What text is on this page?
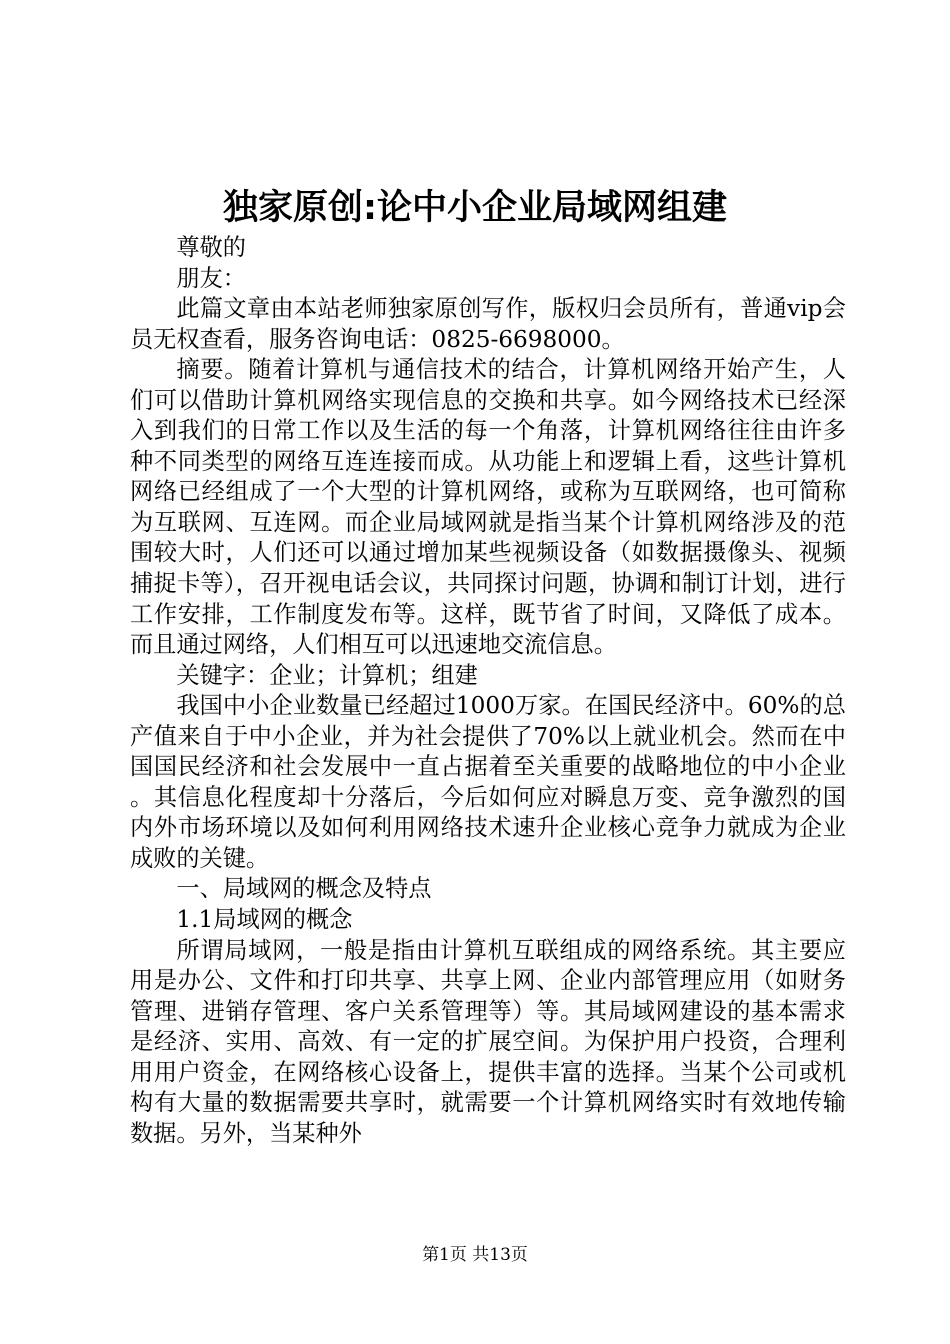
独家原创:论中小企业局域网组建

尊敬的

朋友：

此篇文章由本站老师独家原创写作，版权归会员所有，普通vip会员无权查看，服务咨询电话：0825-6698000。

摘要。随着计算机与通信技术的结合，计算机网络开始产生，人们可以借助计算机网络实现信息的交换和共享。如今网络技术已经深入到我们的日常工作以及生活的每一个角落，计算机网络往往由许多种不同类型的网络互连连接而成。从功能上和逻辑上看，这些计算机网络已经组成了一个大型的计算机网络，或称为互联网络，也可简称为互联网、互连网。而企业局域网就是指当某个计算机网络涉及的范围较大时，人们还可以通过增加某些视频设备（如数据摄像头、视频捕捉卡等），召开视电话会议，共同探讨问题，协调和制订计划，进行工作安排，工作制度发布等。这样，既节省了时间，又降低了成本。而且通过网络，人们相互可以迅速地交流信息。

关键字：企业；计算机；组建

我国中小企业数量已经超过1000万家。在国民经济中。60%的总产值来自于中小企业，并为社会提供了70%以上就业机会。然而在中国国民经济和社会发展中一直占据着至关重要的战略地位的中小企业。其信息化程度却十分落后，今后如何应对瞬息万变、竞争激烈的国内外市场环境以及如何利用网络技术速升企业核心竞争力就成为企业成败的关键。

一、局域网的概念及特点

1.1局域网的概念

所谓局域网，一般是指由计算机互联组成的网络系统。其主要应用是办公、文件和打印共享、共享上网、企业内部管理应用（如财务管理、进销存管理、客户关系管理等）等。其局域网建设的基本需求是经济、实用、高效、有一定的扩展空间。为保护用户投资，合理利用用户资金，在网络核心设备上，提供丰富的选择。当某个公司或机构有大量的数据需要共享时，就需要一个计算机网络实时有效地传输数据。另外，当某种外

第1页 共13页
